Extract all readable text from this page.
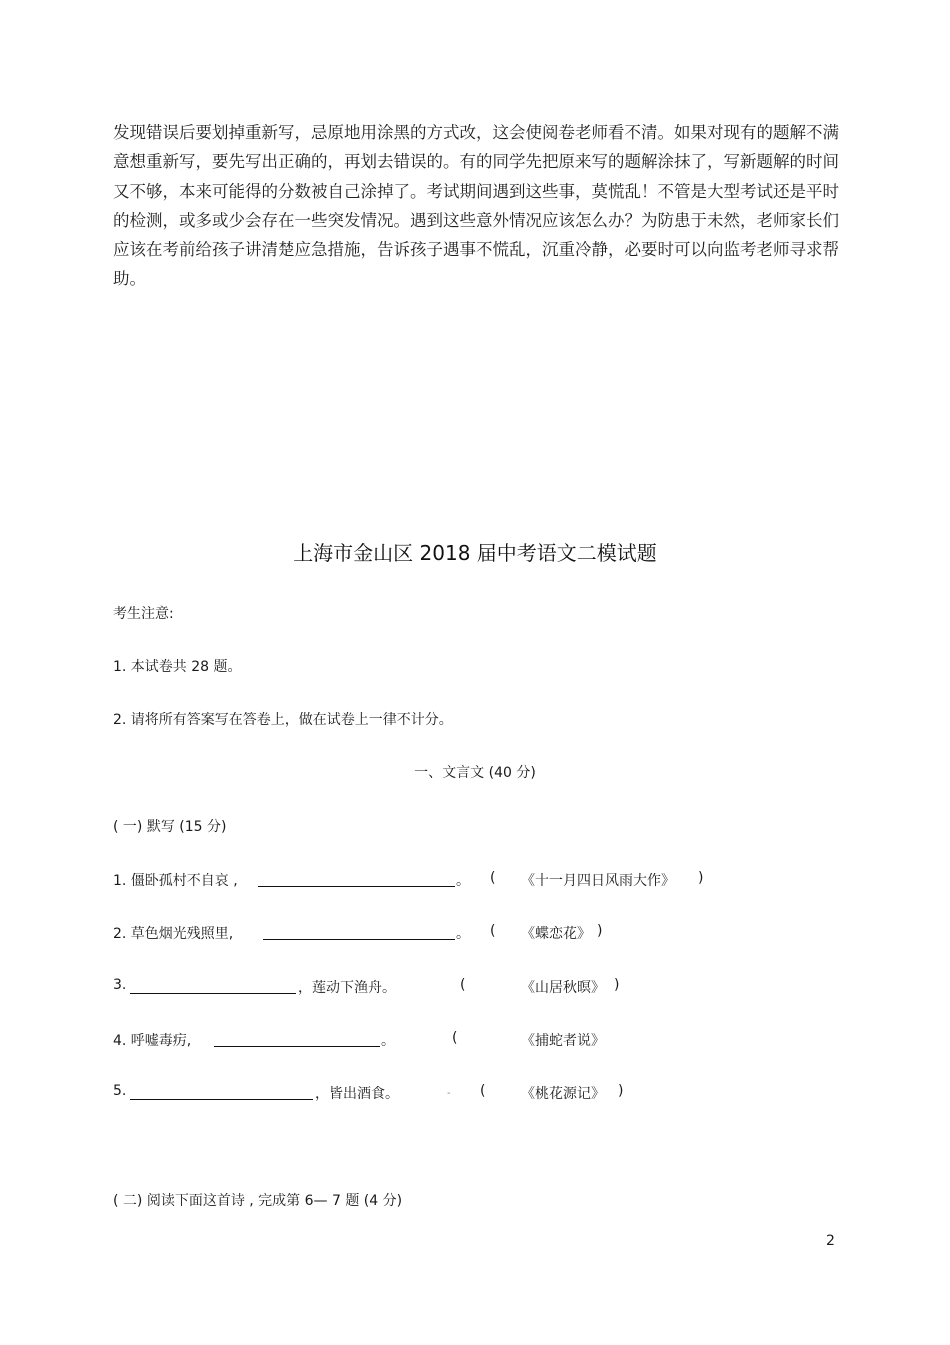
发现错误后要划掉重新写，忌原地用涂黑的方式改，这会使阅卷老师看不清。如果对现有的题解不满
意想重新写，要先写出正确的，再划去错误的。有的同学先把原来写的题解涂抹了，写新题解的时间
又不够，本来可能得的分数被自己涂掉了。考试期间遇到这些事，莫慌乱！不管是大型考试还是平时
的检测，或多或少会存在一些突发情况。遇到这些意外情况应该怎么办？为防患于未然，老师家长们
应该在考前给孩子讲清楚应急措施，告诉孩子遇事不慌乱，沉重冷静，必要时可以向监考老师寻求帮
助。
上海市金山区 2018 届中考语文二模试题
考生注意:
1. 本试卷共 28 题。
2. 请将所有答案写在答卷上，做在试卷上一律不计分。
一、文言文 (40 分)
( 一) 默写 (15 分)
1. 僵卧孤村不自哀 ,	。 ( 《十一月四日风雨大作》 )
2. 草色烟光残照里,	。 ( 《蝶恋花》 )
3.	，莲动下渔舟。	(	《山居秋暝》 )
4. 呼嘘毒疠,	。	(	《捕蛇者说》
5.	，皆出酒食。	- (	《桃花源记》 )
( 二) 阅读下面这首诗 , 完成第 6— 7 题 (4 分)
2
